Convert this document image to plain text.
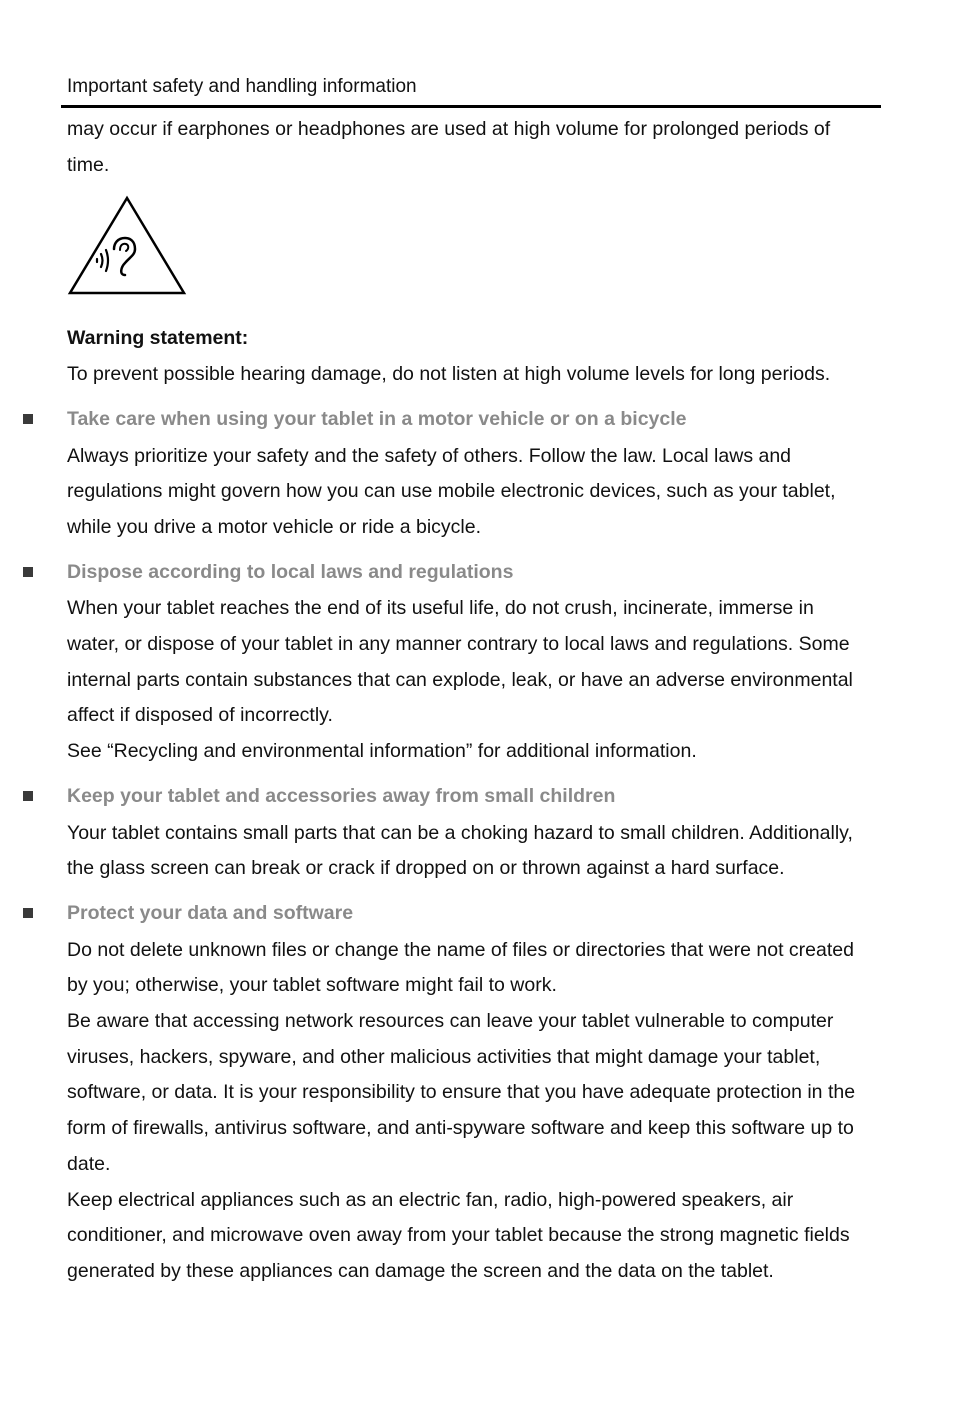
Important safety and handling information

may occur if earphones or headphones are used at high volume for prolonged periods of

time.

Warning statement:

To prevent possible hearing damage, do not listen at high volume levels for long periods.

Take care when using your tablet in a motor vehicle or on a bicycle

Always prioritize your safety and the safety of others. Follow the law. Local laws and

regulations might govern how you can use mobile electronic devices, such as your tablet,

while you drive a motor vehicle or ride a bicycle.

Dispose according to local laws and regulations

When your tablet reaches the end of its useful life, do not crush, incinerate, immerse in

water, or dispose of your tablet in any manner contrary to local laws and regulations. Some

internal parts contain substances that can explode, leak, or have an adverse environmental

affect if disposed of incorrectly.

See “Recycling and environmental information” for additional information.

Keep your tablet and accessories away from small children

Your tablet contains small parts that can be a choking hazard to small children. Additionally,

the glass screen can break or crack if dropped on or thrown against a hard surface.

Protect your data and software

Do not delete unknown files or change the name of files or directories that were not created

by you; otherwise, your tablet software might fail to work.

Be aware that accessing network resources can leave your tablet vulnerable to computer

viruses, hackers, spyware, and other malicious activities that might damage your tablet,

software, or data. It is your responsibility to ensure that you have adequate protection in the

form of firewalls, antivirus software, and anti-spyware software and keep this software up to

date.

Keep electrical appliances such as an electric fan, radio, high-powered speakers, air

conditioner, and microwave oven away from your tablet because the strong magnetic fields

generated by these appliances can damage the screen and the data on the tablet.
